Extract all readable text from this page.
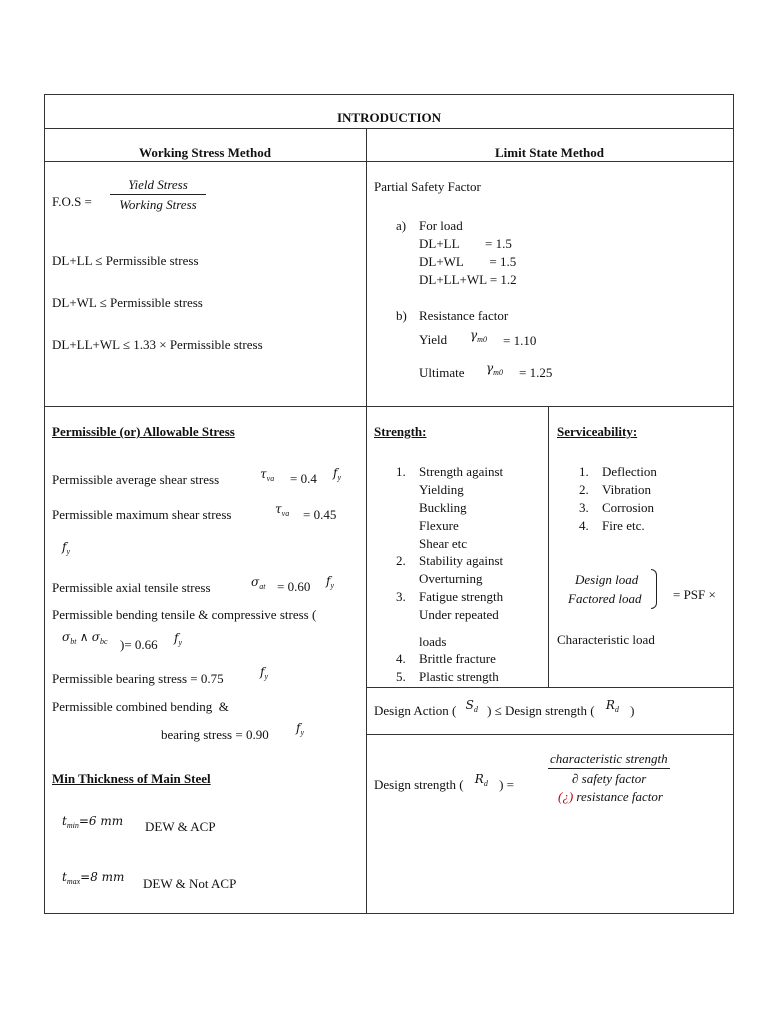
INTRODUCTION
Working Stress Method	Limit State Method
F.O.S =
Yield Stress
Working Stress
DL+LL ≤ Permissible stress
DL+WL ≤ Permissible stress
DL+LL+WL ≤ 1.33 × Permissible stress
Partial Safety Factor
a) For load
DL+LL        = 1.5
DL+WL        = 1.5
DL+LL+WL = 1.2
b) Resistance factor
Yield $\gamma_{m0} = 1.10$
Ultimate $\gamma_{m0} = 1.25$
Permissible (or) Allowable Stress
Permissible average shear stress	$\tau_{va} = 0.4$ $f_y$
Permissible maximum shear stress	$\tau_{va} = 0.45$
$f_y$
Permissible axial tensile stress	$\sigma_{at} = 0.60$ $f_y$
Permissible bending tensile & compressive stress (
$\sigma_{bt}$ ∧ $\sigma_{bc}$ )= 0.66 $f_y$
Permissible bearing stress = 0.75	$f_y$
Permissible combined bending  &
bearing stress = 0.90 $f_y$
Min Thickness of Main Steel
$t_{min}=6$ mm DEW & ACP
$t_{max}=8$ mm DEW & Not ACP
Strength:
1. Strength against
Yielding
Buckling
Flexure
Shear etc
2. Stability against
Overturning
3. Fatigue strength
Under repeated
loads
4. Brittle fracture
5. Plastic strength
Serviceability:
1. Deflection
2. Vibration
3. Corrosion
4. Fire etc.
Design load
Factored load = PSF ×
Characteristic load
Design Action ( $S_d$ ) ≤ Design strength ( $R_d$ )
Design strength ( $R_d$ ) =
characteristic strength
∂ safety factor
(¿) resistance factor
